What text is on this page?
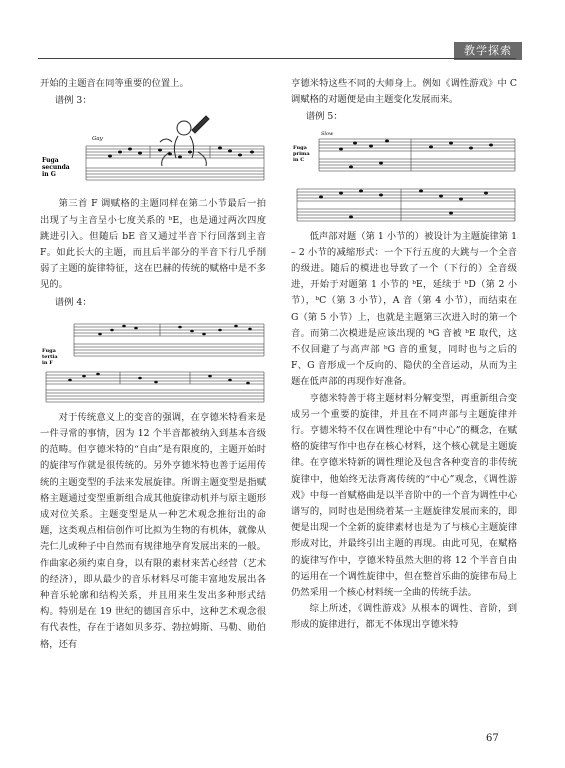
教学探索

开始的主题音在同等重要的位置上。

谱例 3：

Fuga secunda in G
Gay

第三首 F 调赋格的主题同样在第二小节最后一拍出现了与主音呈小七度关系的 ᵇE，也是通过两次四度跳进引入。但随后 bE 音又通过半音下行回落到主音 F。如此长大的主题，而且后半部分的半音下行几乎削弱了主题的旋律特征，这在巴赫的传统的赋格中是不多见的。

谱例 4：

Fuga tertia in F

对于传统意义上的变音的强调，在亨德米特看来是一件寻常的事情，因为 12 个半音都被纳入到基本音级的范畴。但亨德米特的“自由”是有限度的，主题开始时的旋律写作就是很传统的。另外亨德米特也善于运用传统的主题变型的手法来发展旋律。所谓主题变型是指赋格主题通过变型重新组合成其他旋律动机并与原主题形成对位关系。主题变型是从一种艺术观念推衍出的命题，这类观点相信创作可比拟为生物的有机体，就像从壳仁儿或种子中自然而有规律地孕育发展出来的一般。作曲家必须约束自身，以有限的素材来苦心经营（艺术的经济），即从最少的音乐材料尽可能丰富地发展出各种音乐轮廓和结构关系，并且用来生发出多种形式结构。特别是在 19 世纪的德国音乐中，这种艺术观念很有代表性，存在于诸如贝多芬、勃拉姆斯、马勒、勋伯格，还有

亨德米特这些不同的大师身上。例如《调性游戏》中 C 调赋格的对题便是由主题变化发展而来。

谱例 5：

Fuga prima in C
Slow

低声部对题（第 1 小节的）被设计为主题旋律第 1 – 2 小节的减缩形式：一个下行五度的大跳与一个全音的级进。随后的模进也导致了一个（下行的）全音级进，开始于对题第 1 小节的 ᵇE，延续于 ᵇD（第 2 小节），ᵇC（第 3 小节），A 音（第 4 小节），而结束在 G（第 5 小节）上，也就是主题第三次进入时的第一个音。而第二次模进是应该出现的 ᵇG 音被 ᵇE 取代，这不仅回避了与高声部 ᵇG 音的重复，同时也与之后的 F、G 音形成一个反向的、隐伏的全音运动，从而为主题在低声部的再现作好准备。

亨德米特善于将主题材料分解变型，再重新组合变成另一个重要的旋律，并且在不同声部与主题旋律并行。亨德米特不仅在调性理论中有“中心”的概念，在赋格的旋律写作中也存在核心材料，这个核心就是主题旋律。在亨德米特新的调性理论及包含各种变音的非传统旋律中，他始终无法背离传统的“中心”观念，《调性游戏》中每一首赋格曲是以半音阶中的一个音为调性中心谱写的，同时也是围绕着某一主题旋律发展而来的，即便是出现一个全新的旋律素材也是为了与核心主题旋律形成对比，并最终引出主题的再现。由此可见，在赋格的旋律写作中，亨德米特虽然大胆的将 12 个半音自由的运用在一个调性旋律中，但在整首乐曲的旋律布局上仍然采用一个核心材料统一全曲的传统手法。

综上所述，《调性游戏》从根本的调性、音阶，到形成的旋律进行，都无不体现出亨德米特

67
